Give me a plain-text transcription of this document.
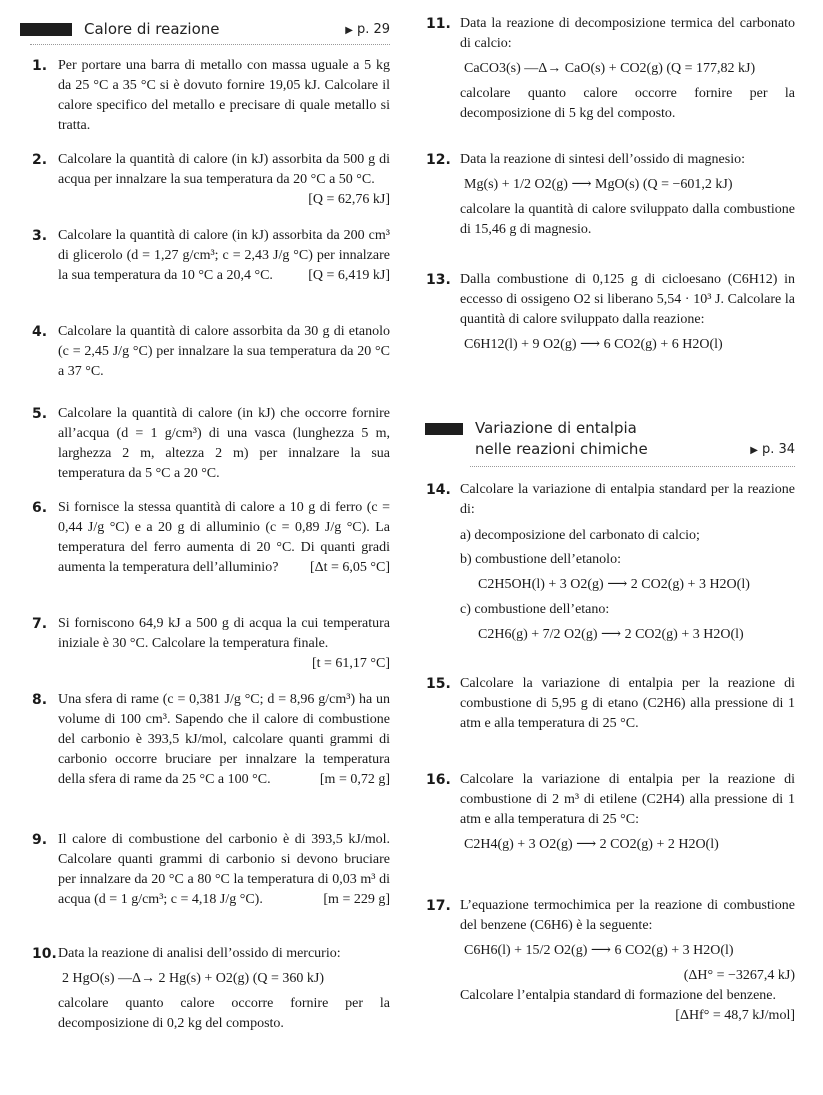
Calore di reazione	▶ p. 29
1. Per portare una barra di metallo con massa uguale a 5 kg da 25 °C a 35 °C si è dovuto fornire 19,05 kJ. Calcolare il calore specifico del metallo e precisare di quale metallo si tratta.
2. Calcolare la quantità di calore (in kJ) assorbita da 500 g di acqua per innalzare la sua temperatura da 20 °C a 50 °C.
[Q = 62,76 kJ]
3. Calcolare la quantità di calore (in kJ) assorbita da 200 cm³ di glicerolo (d = 1,27 g/cm³; c = 2,43 J/g °C) per innalzare la sua temperatura da 10 °C a 20,4 °C.	[Q = 6,419 kJ]
4. Calcolare la quantità di calore assorbita da 30 g di etanolo (c = 2,45 J/g °C) per innalzare la sua temperatura da 20 °C a 37 °C.
5. Calcolare la quantità di calore (in kJ) che occorre fornire all’acqua (d = 1 g/cm³) di una vasca (lunghezza 5 m, larghezza 2 m, altezza 2 m) per innalzare la sua temperatura da 5 °C a 20 °C.
6. Si fornisce la stessa quantità di calore a 10 g di ferro (c = 0,44 J/g °C) e a 20 g di alluminio (c = 0,89 J/g °C). La temperatura del ferro aumenta di 20 °C. Di quanti gradi aumenta la temperatura dell’alluminio? [Δt = 6,05 °C]
7. Si forniscono 64,9 kJ a 500 g di acqua la cui temperatura iniziale è 30 °C. Calcolare la temperatura finale.
[t = 61,17 °C]
8. Una sfera di rame (c = 0,381 J/g °C; d = 8,96 g/cm³) ha un volume di 100 cm³. Sapendo che il calore di combustione del carbonio è 393,5 kJ/mol, calcolare quanti grammi di carbonio occorre bruciare per innalzare la temperatura della sfera di rame da 25 °C a 100 °C.	[m = 0,72 g]
9. Il calore di combustione del carbonio è di 393,5 kJ/mol. Calcolare quanti grammi di carbonio si devono bruciare per innalzare da 20 °C a 80 °C la temperatura di 0,03 m³ di acqua (d = 1 g/cm³; c = 4,18 J/g °C).	[m = 229 g]
10. Data la reazione di analisi dell’ossido di mercurio:
2 HgO(s) —Δ→ 2 Hg(s) + O2(g) (Q = 360 kJ)
calcolare quanto calore occorre fornire per la decomposizione di 0,2 kg del composto.
11. Data la reazione di decomposizione termica del carbonato di calcio:
CaCO3(s) —Δ→ CaO(s) + CO2(g) (Q = 177,82 kJ)
calcolare quanto calore occorre fornire per la decomposizione di 5 kg del composto.
12. Data la reazione di sintesi dell’ossido di magnesio:
Mg(s) + 1/2 O2(g) ⟶ MgO(s) (Q = −601,2 kJ)
calcolare la quantità di calore sviluppato dalla combustione di 15,46 g di magnesio.
13. Dalla combustione di 0,125 g di cicloesano (C6H12) in eccesso di ossigeno O2 si liberano 5,54 · 10³ J. Calcolare la quantità di calore sviluppato dalla reazione:
C6H12(l) + 9 O2(g) ⟶ 6 CO2(g) + 6 H2O(l)
Variazione di entalpia
nelle reazioni chimiche	▶ p. 34
14. Calcolare la variazione di entalpia standard per la reazione di:
a) decomposizione del carbonato di calcio;
b) combustione dell’etanolo:
C2H5OH(l) + 3 O2(g) ⟶ 2 CO2(g) + 3 H2O(l)
c) combustione dell’etano:
C2H6(g) + 7/2 O2(g) ⟶ 2 CO2(g) + 3 H2O(l)
15. Calcolare la variazione di entalpia per la reazione di combustione di 5,95 g di etano (C2H6) alla pressione di 1 atm e alla temperatura di 25 °C.
16. Calcolare la variazione di entalpia per la reazione di combustione di 2 m³ di etilene (C2H4) alla pressione di 1 atm e alla temperatura di 25 °C:
C2H4(g) + 3 O2(g) ⟶ 2 CO2(g) + 2 H2O(l)
17. L’equazione termochimica per la reazione di combustione del benzene (C6H6) è la seguente:
C6H6(l) + 15/2 O2(g) ⟶ 6 CO2(g) + 3 H2O(l)
(ΔH° = −3267,4 kJ)
Calcolare l’entalpia standard di formazione del benzene.
[ΔHf° = 48,7 kJ/mol]
